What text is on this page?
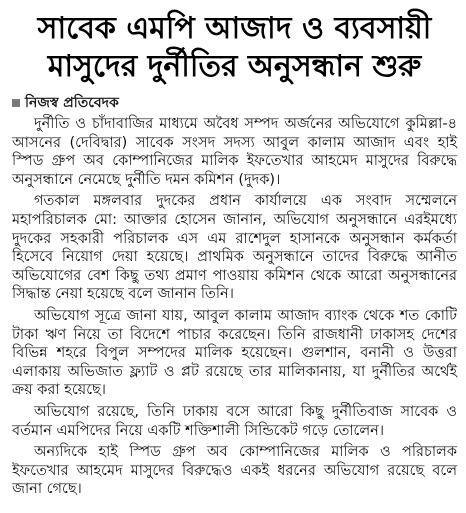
সাবেক এমপি আজাদ ও ব্যবসায়ী
মাসুদের দুর্নীতির অনুসন্ধান শুরু
নিজস্ব প্রতিবেদক

দুর্নীতি ও চাঁদাবাজির মাধ্যমে অবৈধ সম্পদ অর্জনের অভিযোগে কুমিল্লা-৪ আসনের (দেবিদ্বার) সাবেক সংসদ সদস্য আবুল কালাম আজাদ এবং হাই স্পিড গ্রুপ অব কোম্পানিজের মালিক ইফতেখার আহমেদ মাসুদের বিরুদ্ধে অনুসন্ধানে নেমেছে দুর্নীতি দমন কমিশন (দুদক)।

গতকাল মঙ্গলবার দুদকের প্রধান কার্যালয়ে এক সংবাদ সম্মেলনে মহাপরিচালক মো: আক্তার হোসেন জানান, অভিযোগ অনুসন্ধানে এরইমধ্যে দুদকের সহকারী পরিচালক এস এম রাশেদুল হাসানকে অনুসন্ধান কর্মকর্তা হিসেবে নিয়োগ দেয়া হয়েছে। প্রাথমিক অনুসন্ধানে তাদের বিরুদ্ধে আনীত অভিযোগের বেশ কিছু তথ্য প্রমাণ পাওয়ায় কমিশন থেকে আরো অনুসন্ধানের সিদ্ধান্ত নেয়া হয়েছে বলে জানান তিনি।

অভিযোগ সূত্রে জানা যায়, আবুল কালাম আজাদ ব্যাংক থেকে শত কোটি টাকা ঋণ নিয়ে তা বিদেশে পাচার করেছেন। তিনি রাজধানী ঢাকাসহ দেশের বিভিন্ন শহরে বিপুল সম্পদের মালিক হয়েছেন। গুলশান, বনানী ও উত্তরা এলাকায় অভিজাত ফ্ল্যাট ও প্লট রয়েছে তার মালিকানায়, যা দুর্নীতির অর্থেই ক্রয় করা হয়েছে।

অভিযোগ রয়েছে, তিনি ঢাকায় বসে আরো কিছু দুর্নীতিবাজ সাবেক ও বর্তমান এমপিদের নিয়ে একটি শক্তিশালী সিন্ডিকেট গড়ে তোলেন।

অন্যদিকে হাই স্পিড গ্রুপ অব কোম্পানিজের মালিক ও পরিচালক ইফতেখার আহমেদ মাসুদের বিরুদ্ধেও একই ধরনের অভিযোগ রয়েছে বলে জানা গেছে।
